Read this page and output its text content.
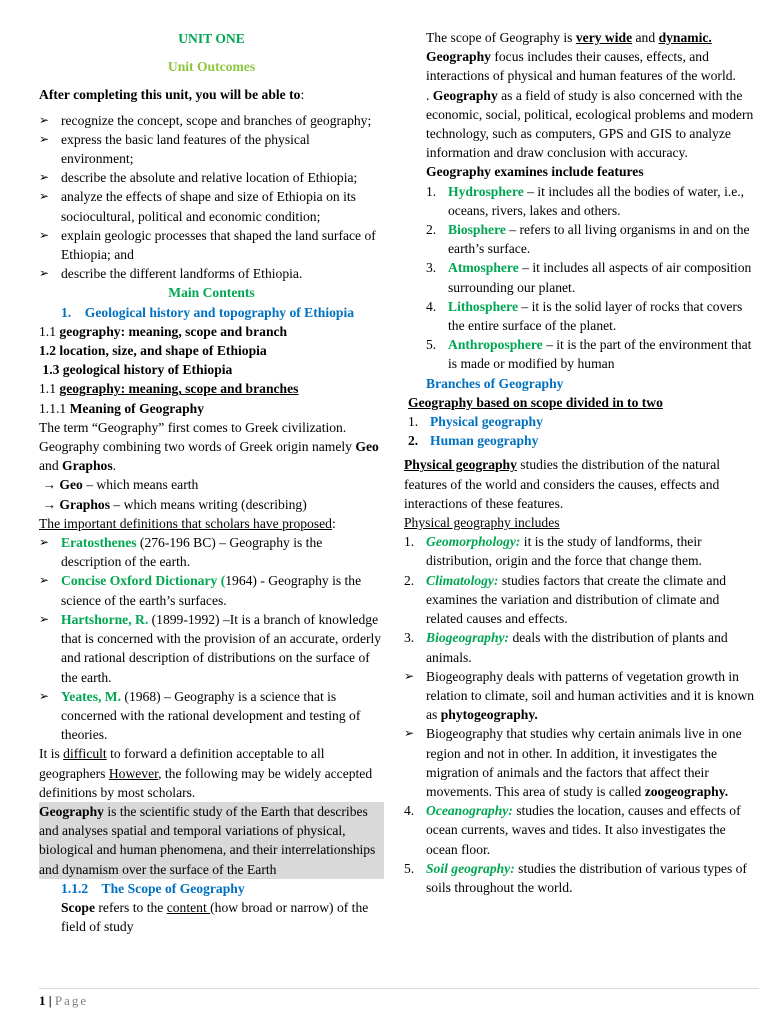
UNIT ONE

Unit Outcomes

After completing this unit, you will be able to:

➢ recognize the concept, scope and branches of geography;
➢ express the basic land features of the physical environment;
➢ describe the absolute and relative location of Ethiopia;
➢ analyze the effects of shape and size of Ethiopia on its sociocultural, political and economic condition;
➢ explain geologic processes that shaped the land surface of Ethiopia; and
➢ describe the different landforms of Ethiopia.

Main Contents

1.    Geological history and topography of Ethiopia

1.1 geography: meaning, scope and branch

1.2 location, size, and shape of Ethiopia

1.3 geological history of Ethiopia

1.1 geography: meaning, scope and branches

1.1.1 Meaning of Geography

The term “Geography” first comes to Greek civilization. Geography combining two words of Greek origin namely Geo and Graphos.

→ Geo – which means earth

→ Graphos – which means writing (describing)

The important definitions that scholars have proposed:

➢ Eratosthenes (276-196 BC) – Geography is the description of the earth.
➢ Concise Oxford Dictionary (1964) - Geography is the science of the earth’s surfaces.
➢ Hartshorne, R. (1899-1992) –It is a branch of knowledge that is concerned with the provision of an accurate, orderly and rational description of distributions on the surface of the earth.
➢ Yeates, M. (1968) – Geography is a science that is concerned with the rational development and testing of theories.

It is difficult to forward a definition acceptable to all geographers However, the following may be widely accepted definitions by most scholars.

Geography is the scientific study of the Earth that describes and analyses spatial and temporal variations of physical, biological and human phenomena, and their interrelationships and dynamism over the surface of the Earth

1.1.2    The Scope of Geography

Scope refers to the content (how broad or narrow) of the field of study

The scope of Geography is very wide and dynamic.

Geography focus includes their causes, effects, and interactions of physical and human features of the world.

. Geography as a field of study is also concerned with the economic, social, political, ecological problems and modern technology, such as computers, GPS and GIS to analyze information and draw conclusion with accuracy.

Geography examines include features

1. Hydrosphere – it includes all the bodies of water, i.e., oceans, rivers, lakes and others.
2. Biosphere – refers to all living organisms in and on the earth’s surface.
3. Atmosphere – it includes all aspects of air composition surrounding our planet.
4. Lithosphere – it is the solid layer of rocks that covers the entire surface of the planet.
5. Anthroposphere – it is the part of the environment that is made or modified by human

Branches of Geography

Geography based on scope divided in to two

1. Physical geography
2. Human geography

Physical geography studies the distribution of the natural features of the world and considers the causes, effects and interactions of these features.

Physical geography includes

1. Geomorphology: it is the study of landforms, their distribution, origin and the force that change them.
2. Climatology: studies factors that create the climate and examines the variation and distribution of climate and related causes and effects.
3. Biogeography: deals with the distribution of plants and animals.
➢ Biogeography deals with patterns of vegetation growth in relation to climate, soil and human activities and it is known as phytogeography.
➢ Biogeography that studies why certain animals live in one region and not in other. In addition, it investigates the migration of animals and the factors that affect their movements. This area of study is called zoogeography.
4. Oceanography: studies the location, causes and effects of ocean currents, waves and tides. It also investigates the ocean floor.
5. Soil geography: studies the distribution of various types of soils throughout the world.
1 | Page
